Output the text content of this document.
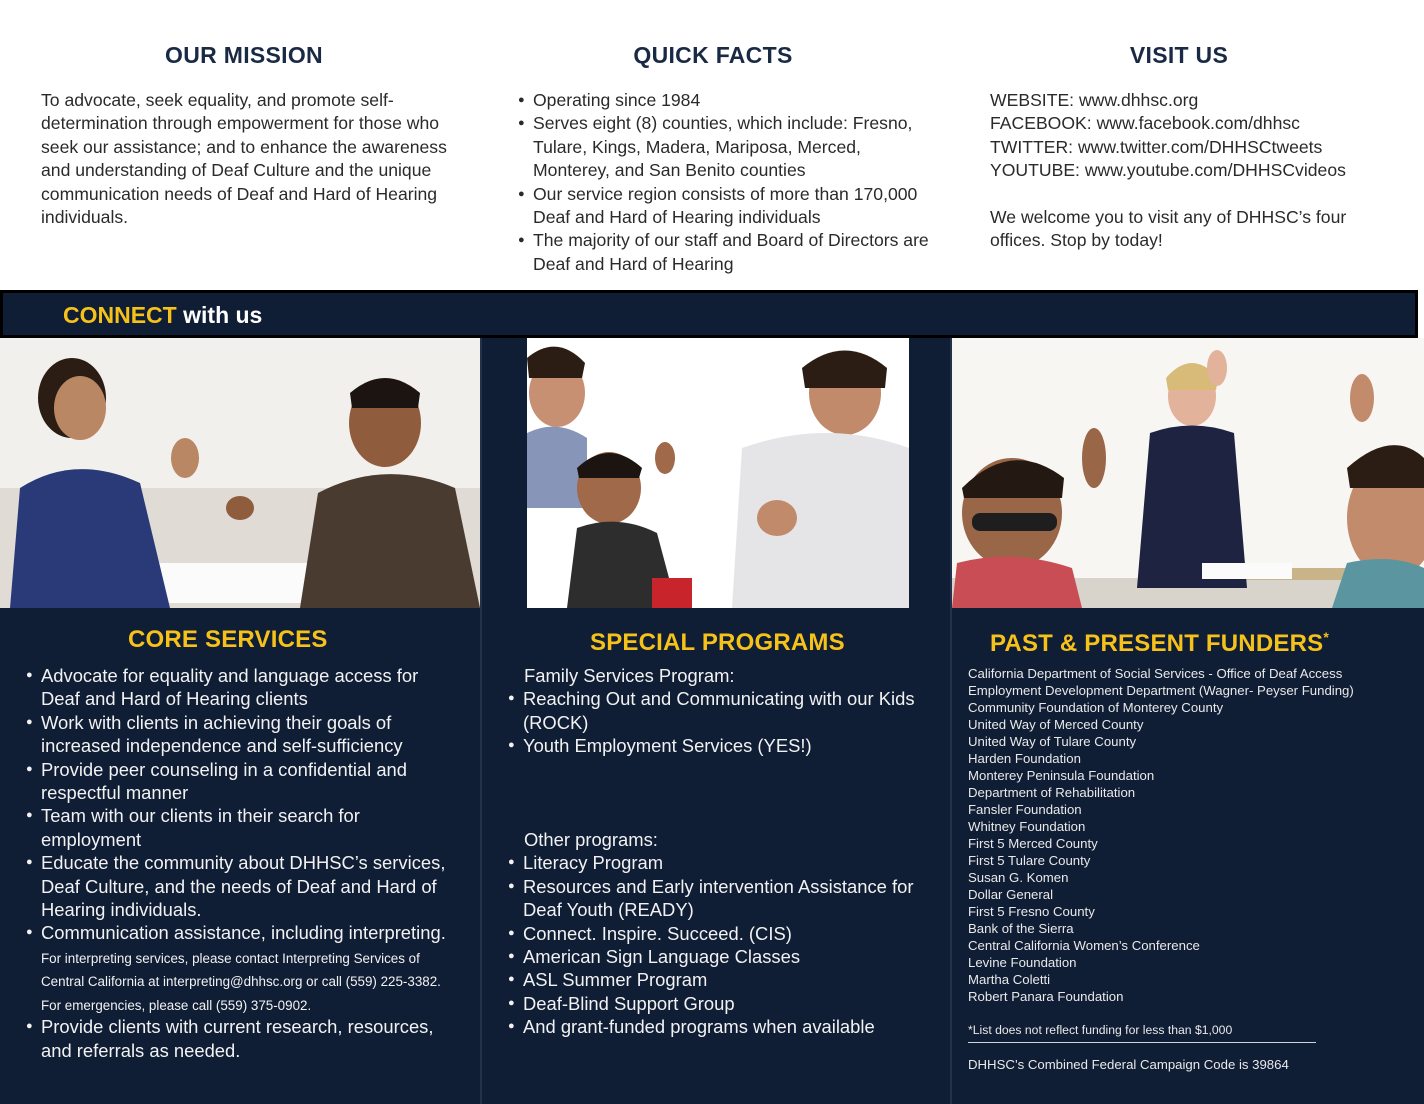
OUR MISSION
To advocate, seek equality, and promote self-determination through empowerment for those who seek our assistance; and to enhance the awareness and understanding of Deaf Culture and the unique communication needs of Deaf and Hard of Hearing individuals.
QUICK FACTS
● Operating since 1984
● Serves eight (8) counties, which include: Fresno, Tulare, Kings, Madera, Mariposa, Merced, Monterey, and San Benito counties
● Our service region consists of more than 170,000 Deaf and Hard of Hearing individuals
● The majority of our staff and Board of Directors are Deaf and Hard of Hearing
VISIT US
WEBSITE: www.dhhsc.org
FACEBOOK: www.facebook.com/dhhsc
TWITTER: www.twitter.com/DHHSCtweets
YOUTUBE: www.youtube.com/DHHSCvideos
We welcome you to visit any of DHHSC’s four offices. Stop by today!
CONNECT with us
CORE SERVICES
● Advocate for equality and language access for Deaf and Hard of Hearing clients
● Work with clients in achieving their goals of increased independence and self-sufficiency
● Provide peer counseling in a confidential and respectful manner
● Team with our clients in their search for employment
● Educate the community about DHHSC’s services, Deaf Culture, and the needs of Deaf and Hard of Hearing individuals.
● Communication assistance, including interpreting. For interpreting services, please contact Interpreting Services of Central California at interpreting@dhhsc.org or call (559) 225-3382. For emergencies, please call (559) 375-0902.
● Provide clients with current research, resources, and referrals as needed.
SPECIAL PROGRAMS
Family Services Program:
● Reaching Out and Communicating with our Kids (ROCK)
● Youth Employment Services (YES!)
Other programs:
● Literacy Program
● Resources and Early intervention Assistance for Deaf Youth (READY)
● Connect. Inspire. Succeed. (CIS)
● American Sign Language Classes
● ASL Summer Program
● Deaf-Blind Support Group
● And grant-funded programs when available
PAST & PRESENT FUNDERS*
California Department of Social Services - Office of Deaf Access
Employment Development Department (Wagner- Peyser Funding)
Community Foundation of Monterey County
United Way of Merced County
United Way of Tulare County
Harden Foundation
Monterey Peninsula Foundation
Department of Rehabilitation
Fansler Foundation
Whitney Foundation
First 5 Merced County
First 5 Tulare County
Susan G. Komen
Dollar General
First 5 Fresno County
Bank of the Sierra
Central California Women’s Conference
Levine Foundation
Martha Coletti
Robert Panara Foundation
*List does not reflect funding for less than $1,000
DHHSC’s Combined Federal Campaign Code is 39864
